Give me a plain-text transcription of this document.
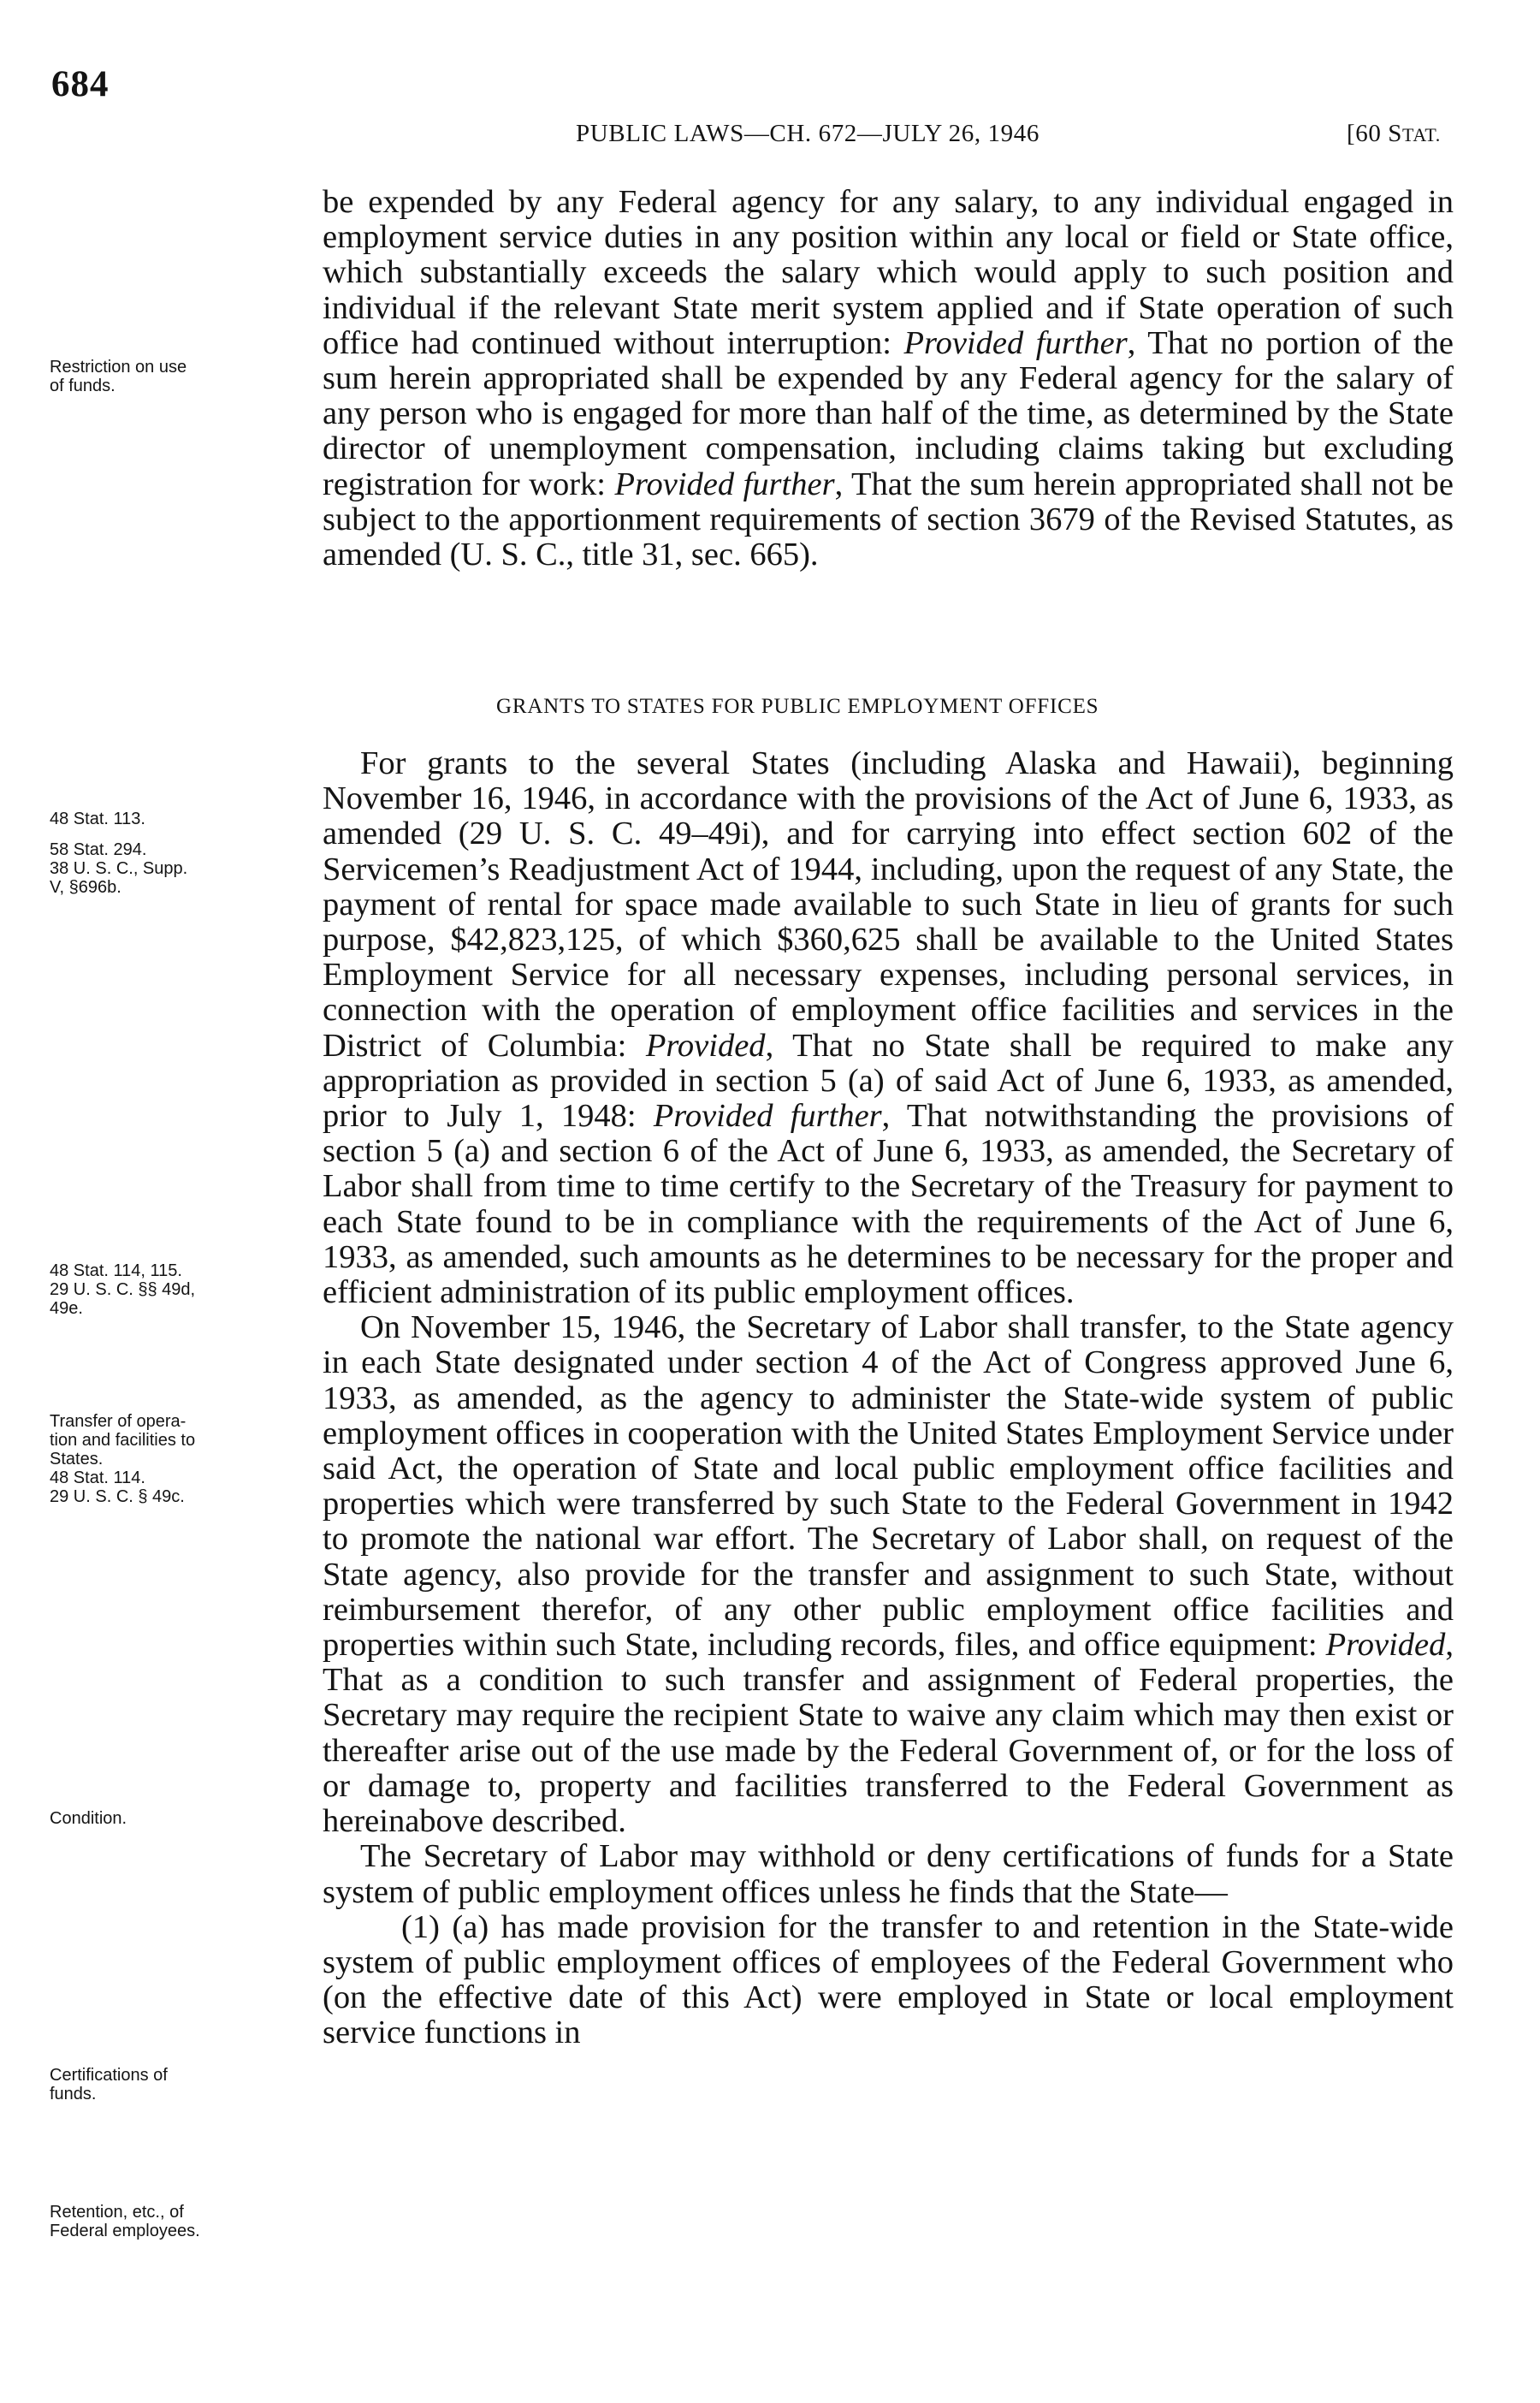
684
PUBLIC LAWS—CH. 672—JULY 26, 1946	[60 STAT.

be expended by any Federal agency for any salary, to any individual engaged in employment service duties in any position within any local or field or State office, which substantially exceeds the salary which would apply to such position and individual if the relevant State merit system applied and if State operation of such office had continued without interruption: Provided further, That no portion of the sum herein appropriated shall be expended by any Federal agency for the salary of any person who is engaged for more than half of the time, as determined by the State director of unemployment compensation, including claims taking but excluding registration for work: Provided further, That the sum herein appropriated shall not be subject to the apportionment requirements of section 3679 of the Revised Statutes, as amended (U. S. C., title 31, sec. 665).

GRANTS TO STATES FOR PUBLIC EMPLOYMENT OFFICES

For grants to the several States (including Alaska and Hawaii), beginning November 16, 1946, in accordance with the provisions of the Act of June 6, 1933, as amended (29 U. S. C. 49–49i), and for carrying into effect section 602 of the Servicemen’s Readjustment Act of 1944, including, upon the request of any State, the payment of rental for space made available to such State in lieu of grants for such purpose, $42,823,125, of which $360,625 shall be available to the United States Employment Service for all necessary expenses, including personal services, in connection with the operation of employment office facilities and services in the District of Columbia: Provided, That no State shall be required to make any appropriation as provided in section 5 (a) of said Act of June 6, 1933, as amended, prior to July 1, 1948: Provided further, That notwithstanding the provisions of section 5 (a) and section 6 of the Act of June 6, 1933, as amended, the Secretary of Labor shall from time to time certify to the Secretary of the Treasury for payment to each State found to be in compliance with the requirements of the Act of June 6, 1933, as amended, such amounts as he determines to be necessary for the proper and efficient administration of its public employment offices.

On November 15, 1946, the Secretary of Labor shall transfer, to the State agency in each State designated under section 4 of the Act of Congress approved June 6, 1933, as amended, as the agency to administer the State-wide system of public employment offices in cooperation with the United States Employment Service under said Act, the operation of State and local public employment office facilities and properties which were transferred by such State to the Federal Government in 1942 to promote the national war effort. The Secretary of Labor shall, on request of the State agency, also provide for the transfer and assignment to such State, without reimbursement therefor, of any other public employment office facilities and properties within such State, including records, files, and office equipment: Provided, That as a condition to such transfer and assignment of Federal properties, the Secretary may require the recipient State to waive any claim which may then exist or thereafter arise out of the use made by the Federal Government of, or for the loss of or damage to, property and facilities transferred to the Federal Government as hereinabove described.

The Secretary of Labor may withhold or deny certifications of funds for a State system of public employment offices unless he finds that the State—

(1) (a) has made provision for the transfer to and retention in the State-wide system of public employment offices of employees of the Federal Government who (on the effective date of this Act) were employed in State or local employment service functions in

Restriction on use
of funds.
48 Stat. 113.
58 Stat. 294.
38 U. S. C., Supp.
V, §696b.
48 Stat. 114, 115.
29 U. S. C. §§ 49d,
49e.
Transfer of opera-
tion and facilities to
States.
48 Stat. 114.
29 U. S. C. § 49c.
Condition.
Certifications of
funds.
Retention, etc., of
Federal employees.
